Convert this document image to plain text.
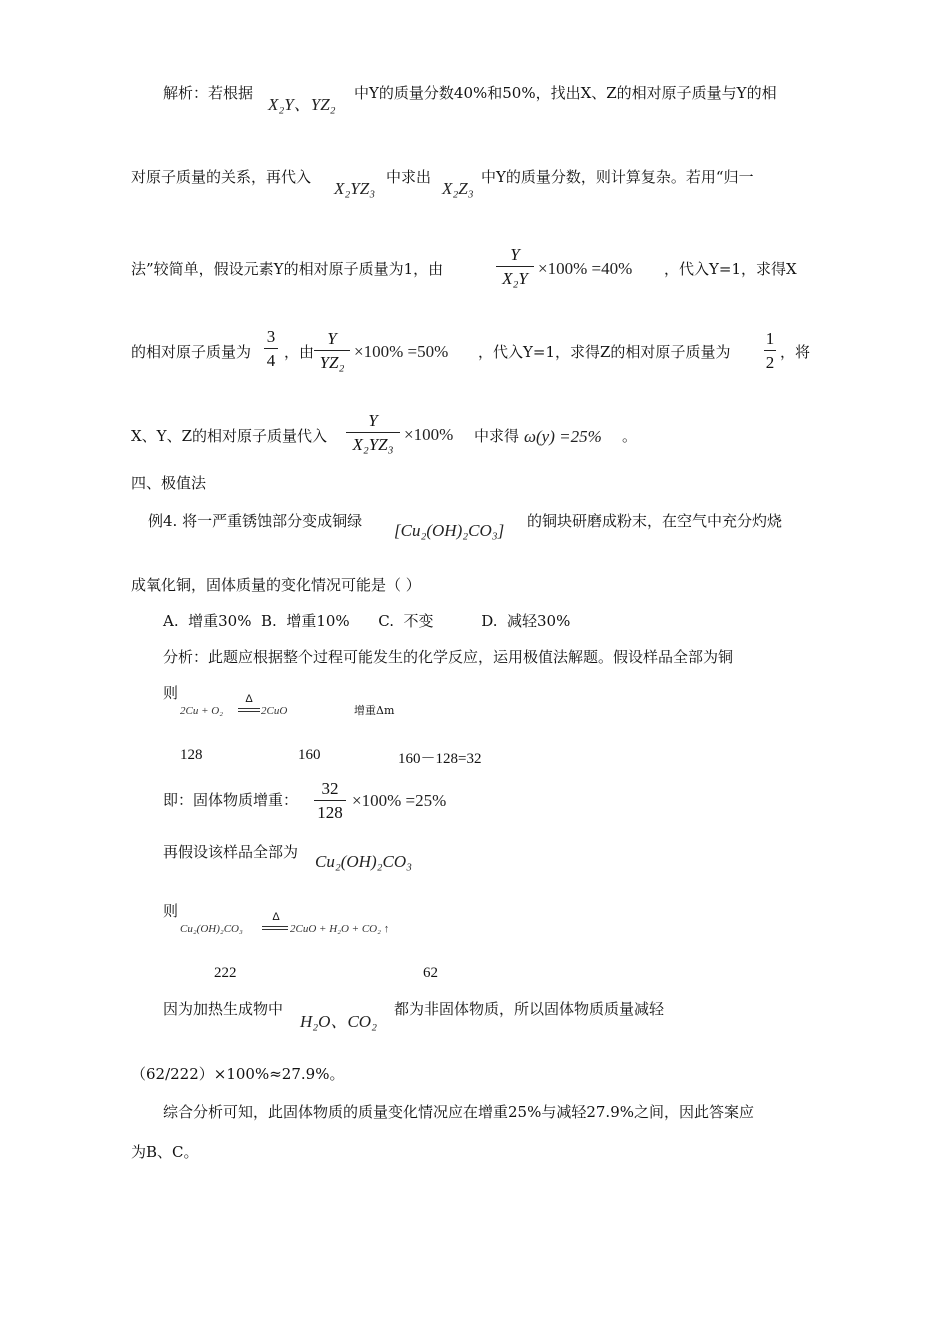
解析：若根据
X₂Y、YZ₂
中Y的质量分数40%和50%，找出X、Z的相对原子质量与Y的相
对原子质量的关系，再代入
X₂YZ₃
中求出
X₂Z₃
中Y的质量分数，则计算复杂。若用“归一
法”较简单，假设元素Y的相对原子质量为1，由
Y
X₂Y
×100% =40% ，代入Y=1，求得X
的相对原子质量为
3
4 ，由
Y
YZ₂
×100% =50% ，代入Y=1，求得Z的相对原子质量为
1
2
，将
X、Y、Z的相对原子质量代入
Y
X₂YZ₃
×100% 中求得 ω(y) =25% 。
四、极值法
例4. 将一严重锈蚀部分变成铜绿 [Cu₂(OH)₂CO₃] 的铜块研磨成粉末，在空气中充分灼烧
成氧化铜，固体质量的变化情况可能是（ ）
A.  增重30%  B.  增重10%      C.  不变          D.  减轻30%
分析：此题应根据整个过程可能发生的化学反应，运用极值法解题。假设样品全部为铜
则
2Cu + O₂
Δ
2CuO	增重Δm
128	160	160－128=32
即：固体物质增重：
32
128
×100% =25%
再假设该样品全部为 Cu₂(OH)₂CO₃
则
Cu₂(OH)₂CO₃
Δ
2CuO + H₂O + CO₂ ↑
222	62
因为加热生成物中
H₂O、CO₂
都为非固体物质，所以固体物质质量减轻
（62/222）×100%≈27.9%。
综合分析可知，此固体物质的质量变化情况应在增重25%与减轻27.9%之间，因此答案应
为B、C。
